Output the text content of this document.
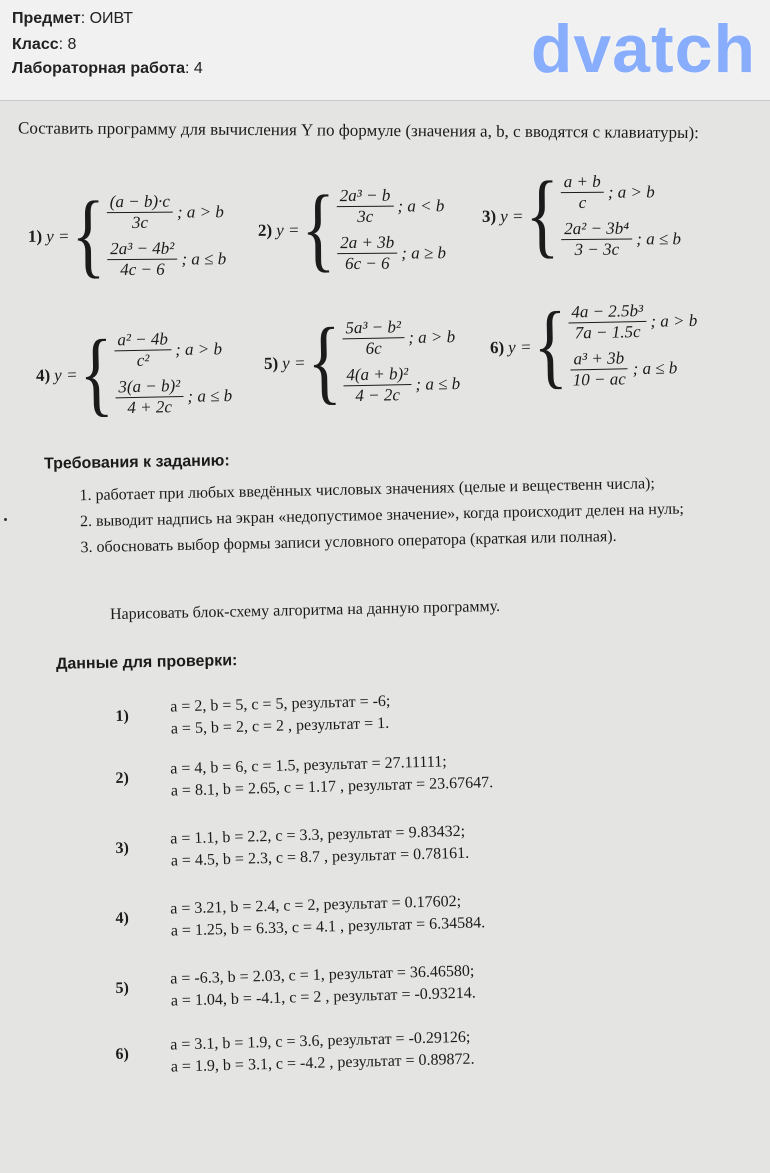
Предмет: ОИВТ
Класс: 8
Лабораторная работа: 4	dvatch
Составить программу для вычисления Y по формуле (значения a, b, c вводятся с клавиатуры):
1) y = { $\frac{(a - b)\cdot c}{3c}$ ; a > b
$\frac{\text{2a³ − 4b²}}{4c - 6}$ ; a ≤ b
2) y = { $\frac{\text{2a³ − b}}{3c}$ ; a < b
$\frac{2a + 3b}{6c - 6}$ ; a ≥ b
3) y = { $\frac{a + b}{c}$ ; a > b
$\frac{\text{2a² − 3b⁴}}{3 - 3c}$ ; a ≤ b
4) y = { $\frac{\text{a² − 4b}}{\text{c²}}$ ; a > b
$\frac{\text{3(a − b)²}}{4 + 2c}$ ; a ≤ b
5) y = { $\frac{\text{5a³ − b²}}{6c}$ ; a > b
$\frac{\text{4(a + b)²}}{4 - 2c}$ ; a ≤ b
6) y = { $\frac{\text{4a − 2.5b³}}{7a - 1.5c}$ ; a > b
$\frac{\text{a³ + 3b}}{10 - ac}$ ; a ≤ b
Требования к заданию:
1. работает при любых введённых числовых значениях (целые и вещественн числа);
2. выводит надпись на экран «недопустимое значение», когда происходит делен на нуль;
3. обосновать выбор формы записи условного оператора (краткая или полная).
Нарисовать блок-схему алгоритма на данную программу.
Данные для проверки:
1)
a = 2, b = 5, c = 5, результат = -6;
a = 5, b = 2, c = 2 , результат = 1.
2)
a = 4, b = 6, c = 1.5, результат = 27.11111;
a = 8.1, b = 2.65, c = 1.17 , результат = 23.67647.
3)
a = 1.1, b = 2.2, c = 3.3, результат = 9.83432;
a = 4.5, b = 2.3, c = 8.7 , результат = 0.78161.
4)
a = 3.21, b = 2.4, c = 2, результат = 0.17602;
a = 1.25, b = 6.33, c = 4.1 , результат = 6.34584.
5)
a = -6.3, b = 2.03, c = 1, результат = 36.46580;
a = 1.04, b = -4.1, c = 2 , результат = -0.93214.
6)
a = 3.1, b = 1.9, c = 3.6, результат = -0.29126;
a = 1.9, b = 3.1, c = -4.2 , результат = 0.89872.
